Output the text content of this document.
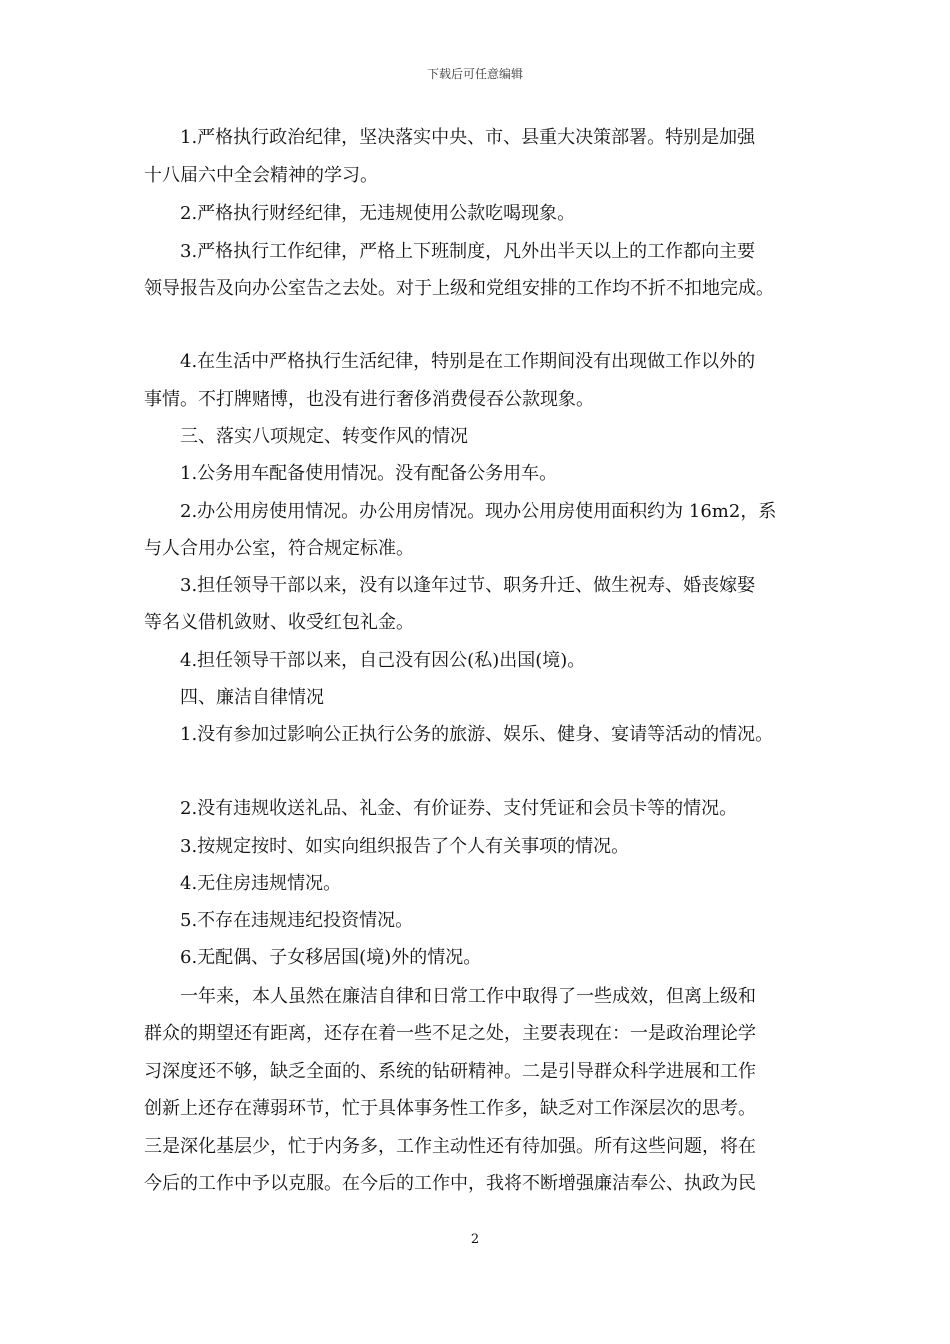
下载后可任意编辑
1.严格执行政治纪律，坚决落实中央、市、县重大决策部署。特别是加强
十八届六中全会精神的学习。
2.严格执行财经纪律，无违规使用公款吃喝现象。
3.严格执行工作纪律，严格上下班制度，凡外出半天以上的工作都向主要
领导报告及向办公室告之去处。对于上级和党组安排的工作均不折不扣地完成。
4.在生活中严格执行生活纪律，特别是在工作期间没有出现做工作以外的
事情。不打牌赌博，也没有进行奢侈消费侵吞公款现象。
三、落实八项规定、转变作风的情况
1.公务用车配备使用情况。没有配备公务用车。
2.办公用房使用情况。办公用房情况。现办公用房使用面积约为 16m2，系
与人合用办公室，符合规定标准。
3.担任领导干部以来，没有以逢年过节、职务升迁、做生祝寿、婚丧嫁娶
等名义借机敛财、收受红包礼金。
4.担任领导干部以来，自己没有因公(私)出国(境)。
四、廉洁自律情况
1.没有参加过影响公正执行公务的旅游、娱乐、健身、宴请等活动的情况。
2.没有违规收送礼品、礼金、有价证券、支付凭证和会员卡等的情况。
3.按规定按时、如实向组织报告了个人有关事项的情况。
4.无住房违规情况。
5.不存在违规违纪投资情况。
6.无配偶、子女移居国(境)外的情况。
一年来，本人虽然在廉洁自律和日常工作中取得了一些成效，但离上级和
群众的期望还有距离，还存在着一些不足之处，主要表现在：一是政治理论学
习深度还不够，缺乏全面的、系统的钻研精神。二是引导群众科学进展和工作
创新上还存在薄弱环节，忙于具体事务性工作多，缺乏对工作深层次的思考。
三是深化基层少，忙于内务多，工作主动性还有待加强。所有这些问题，将在
今后的工作中予以克服。在今后的工作中，我将不断增强廉洁奉公、执政为民
2
